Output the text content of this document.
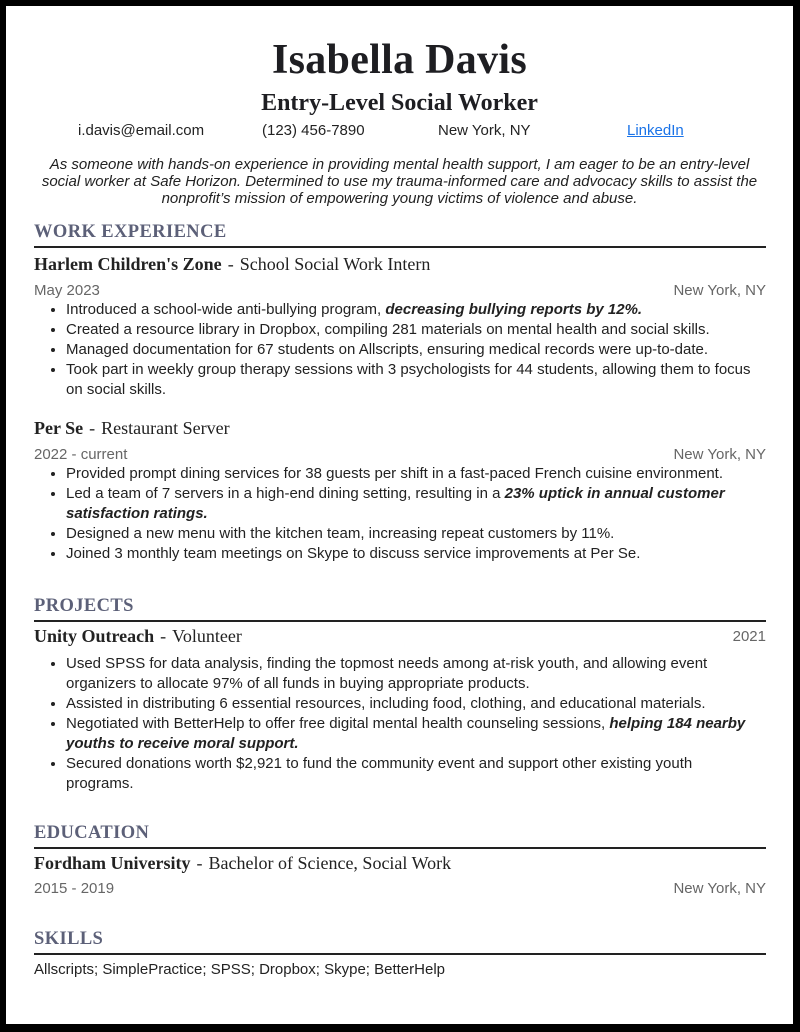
Isabella Davis
Entry-Level Social Worker
i.davis@email.com	(123) 456-7890	New York, NY	LinkedIn
As someone with hands-on experience in providing mental health support, I am eager to be an entry-level social worker at Safe Horizon. Determined to use my trauma-informed care and advocacy skills to assist the nonprofit’s mission of empowering young victims of violence and abuse.
WORK EXPERIENCE
Harlem Children's Zone - School Social Work Intern
May 2023	New York, NY
• Introduced a school-wide anti-bullying program, decreasing bullying reports by 12%.
• Created a resource library in Dropbox, compiling 281 materials on mental health and social skills.
• Managed documentation for 67 students on Allscripts, ensuring medical records were up-to-date.
• Took part in weekly group therapy sessions with 3 psychologists for 44 students, allowing them to focus on social skills.
Per Se - Restaurant Server
2022 - current	New York, NY
• Provided prompt dining services for 38 guests per shift in a fast-paced French cuisine environment.
• Led a team of 7 servers in a high-end dining setting, resulting in a 23% uptick in annual customer satisfaction ratings.
• Designed a new menu with the kitchen team, increasing repeat customers by 11%.
• Joined 3 monthly team meetings on Skype to discuss service improvements at Per Se.
PROJECTS
Unity Outreach - Volunteer	2021
• Used SPSS for data analysis, finding the topmost needs among at-risk youth, and allowing event organizers to allocate 97% of all funds in buying appropriate products.
• Assisted in distributing 6 essential resources, including food, clothing, and educational materials.
• Negotiated with BetterHelp to offer free digital mental health counseling sessions, helping 184 nearby youths to receive moral support.
• Secured donations worth $2,921 to fund the community event and support other existing youth programs.
EDUCATION
Fordham University - Bachelor of Science, Social Work
2015 - 2019	New York, NY
SKILLS
Allscripts; SimplePractice; SPSS; Dropbox; Skype; BetterHelp
